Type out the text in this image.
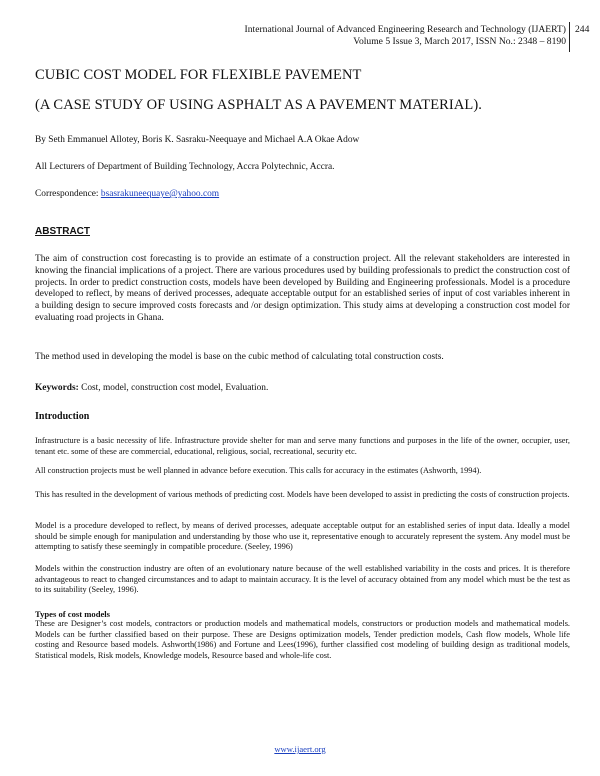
International Journal of Advanced Engineering Research and Technology (IJAERT)
Volume 5 Issue 3, March 2017, ISSN No.: 2348 – 8190
244
CUBIC COST MODEL FOR FLEXIBLE PAVEMENT
(A CASE STUDY OF USING ASPHALT AS A PAVEMENT MATERIAL).
By Seth Emmanuel Allotey, Boris K. Sasraku-Neequaye and Michael A.A Okae Adow
All Lecturers of Department of Building Technology, Accra Polytechnic, Accra.
Correspondence: bsasrakuneequaye@yahoo.com
ABSTRACT
The aim of construction cost forecasting is to provide an estimate of a construction project. All the relevant stakeholders are interested in knowing the financial implications of a project. There are various procedures used by building professionals to predict the construction cost of projects. In order to predict construction costs, models have been developed by Building and Engineering professionals. Model is a procedure developed to reflect, by means of derived processes, adequate acceptable output for an established series of input of cost variables inherent in a building design to secure improved costs forecasts and /or design optimization. This study aims at developing a construction cost model for evaluating road projects in Ghana.
The method used in developing the model is base on the cubic method of calculating total construction costs.
Keywords: Cost, model, construction cost model, Evaluation.
Introduction
Infrastructure is a basic necessity of life. Infrastructure provide shelter for man and serve many functions and purposes in the life of the owner, occupier, user, tenant etc. some of these are commercial, educational, religious, social, recreational, security etc.
All construction projects must be well planned in advance before execution. This calls for accuracy in the estimates (Ashworth, 1994).
This has resulted in the development of various methods of predicting cost. Models have been developed to assist in predicting the costs of construction projects.
Model is a procedure developed to reflect, by means of derived processes, adequate acceptable output for an established series of input data. Ideally a model should be simple enough for manipulation and understanding by those who use it, representative enough to accurately represent the system. Any model must be attempting to satisfy these seemingly in compatible procedure. (Seeley, 1996)
Models within the construction industry are often of an evolutionary nature because of the well established variability in the costs and prices. It is therefore advantageous to react to changed circumstances and to adapt to maintain accuracy. It is the level of accuracy obtained from any model which must be the test as to its suitability (Seeley, 1996).
Types of cost models
These are Designer’s cost models, contractors or production models and mathematical models, constructors or production models and mathematical models. Models can be further classified based on their purpose. These are Designs optimization models, Tender prediction models, Cash flow models, Whole life costing and Resource based models. Ashworth(1986) and Fortune and Lees(1996), further classified cost modeling of building design as traditional models, Statistical models, Risk models, Knowledge models, Resource based and whole-life cost.
www.ijaert.org
